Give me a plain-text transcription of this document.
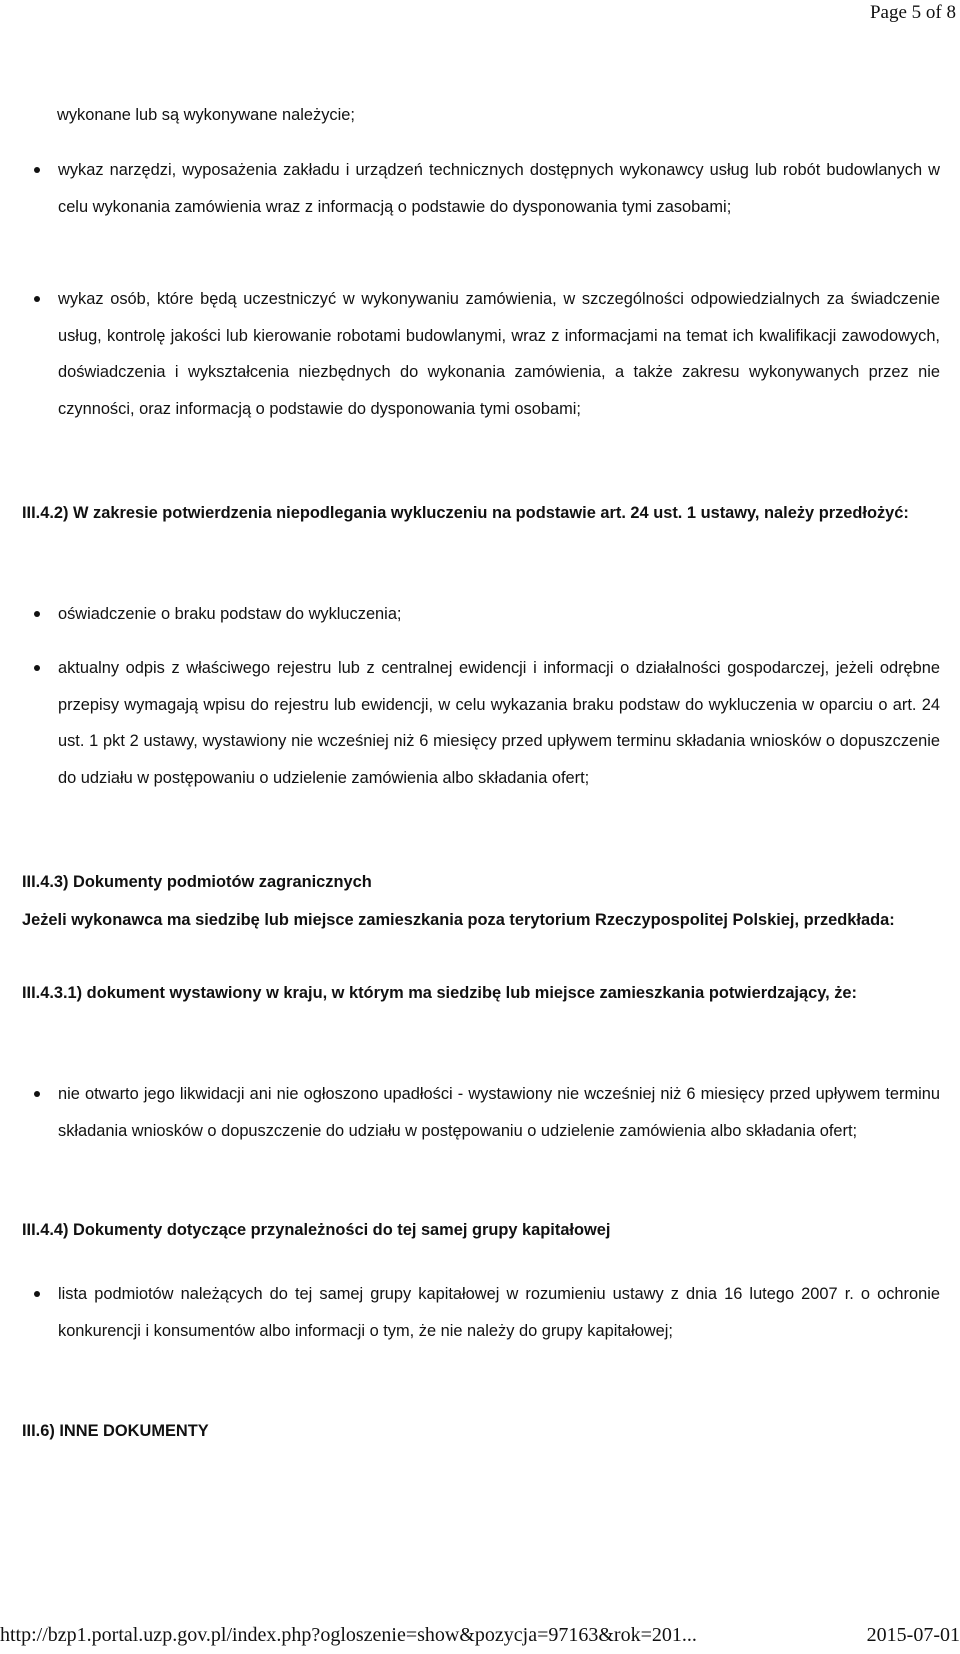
Page 5 of 8

wykonane lub są wykonywane należycie;

wykaz narzędzi, wyposażenia zakładu i urządzeń technicznych dostępnych wykonawcy usług lub robót budowlanych w celu wykonania zamówienia wraz z informacją o podstawie do dysponowania tymi zasobami;
wykaz osób, które będą uczestniczyć w wykonywaniu zamówienia, w szczególności odpowiedzialnych za świadczenie usług, kontrolę jakości lub kierowanie robotami budowlanymi, wraz z informacjami na temat ich kwalifikacji zawodowych, doświadczenia i wykształcenia niezbędnych do wykonania zamówienia, a także zakresu wykonywanych przez nie czynności, oraz informacją o podstawie do dysponowania tymi osobami;

III.4.2) W zakresie potwierdzenia niepodlegania wykluczeniu na podstawie art. 24 ust. 1 ustawy, należy przedłożyć:

oświadczenie o braku podstaw do wykluczenia;
aktualny odpis z właściwego rejestru lub z centralnej ewidencji i informacji o działalności gospodarczej, jeżeli odrębne przepisy wymagają wpisu do rejestru lub ewidencji, w celu wykazania braku podstaw do wykluczenia w oparciu o art. 24 ust. 1 pkt 2 ustawy, wystawiony nie wcześniej niż 6 miesięcy przed upływem terminu składania wniosków o dopuszczenie do udziału w postępowaniu o udzielenie zamówienia albo składania ofert;

III.4.3) Dokumenty podmiotów zagranicznych

Jeżeli wykonawca ma siedzibę lub miejsce zamieszkania poza terytorium Rzeczypospolitej Polskiej, przedkłada:

III.4.3.1) dokument wystawiony w kraju, w którym ma siedzibę lub miejsce zamieszkania potwierdzający, że:

nie otwarto jego likwidacji ani nie ogłoszono upadłości - wystawiony nie wcześniej niż 6 miesięcy przed upływem terminu składania wniosków o dopuszczenie do udziału w postępowaniu o udzielenie zamówienia albo składania ofert;

III.4.4) Dokumenty dotyczące przynależności do tej samej grupy kapitałowej

lista podmiotów należących do tej samej grupy kapitałowej w rozumieniu ustawy z dnia 16 lutego 2007 r. o ochronie konkurencji i konsumentów albo informacji o tym, że nie należy do grupy kapitałowej;

III.6) INNE DOKUMENTY

http://bzp1.portal.uzp.gov.pl/index.php?ogloszenie=show&pozycja=97163&rok=201...	2015-07-01
